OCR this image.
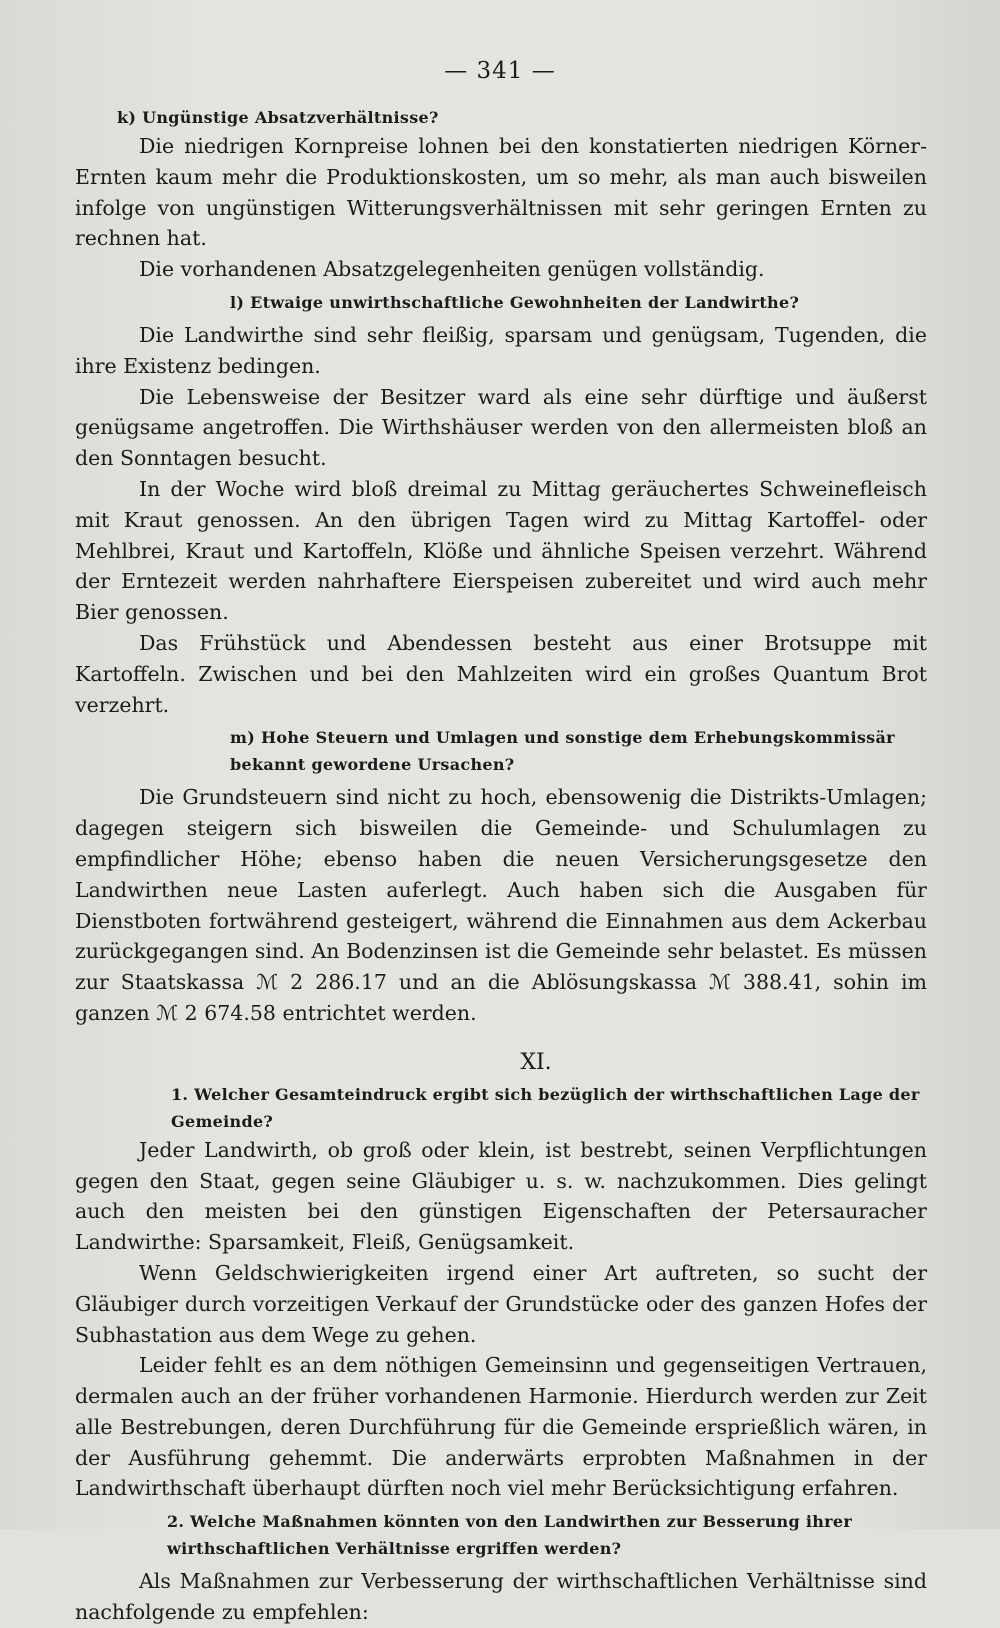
— 341 —
k) Ungünstige Absatzverhältnisse?

Die niedrigen Kornpreise lohnen bei den konstatierten niedrigen Körner-Ernten kaum mehr die Produktionskosten, um so mehr, als man auch bisweilen infolge von ungünstigen Witterungsverhältnissen mit sehr geringen Ernten zu rechnen hat.

Die vorhandenen Absatzgelegenheiten genügen vollständig.

l) Etwaige unwirthschaftliche Gewohnheiten der Landwirthe?

Die Landwirthe sind sehr fleißig, sparsam und genügsam, Tugenden, die ihre Existenz bedingen.

Die Lebensweise der Besitzer ward als eine sehr dürftige und äußerst genügsame angetroffen. Die Wirthshäuser werden von den allermeisten bloß an den Sonntagen besucht.

In der Woche wird bloß dreimal zu Mittag geräuchertes Schweinefleisch mit Kraut genossen. An den übrigen Tagen wird zu Mittag Kartoffel- oder Mehlbrei, Kraut und Kartoffeln, Klöße und ähnliche Speisen verzehrt. Während der Erntezeit werden nahrhaftere Eierspeisen zubereitet und wird auch mehr Bier genossen.

Das Frühstück und Abendessen besteht aus einer Brotsuppe mit Kartoffeln. Zwischen und bei den Mahlzeiten wird ein großes Quantum Brot verzehrt.

m) Hohe Steuern und Umlagen und sonstige dem Erhebungskommissär bekannt gewordene Ursachen?

Die Grundsteuern sind nicht zu hoch, ebensowenig die Distrikts-Umlagen; dagegen steigern sich bisweilen die Gemeinde- und Schulumlagen zu empfindlicher Höhe; ebenso haben die neuen Versicherungsgesetze den Landwirthen neue Lasten auferlegt. Auch haben sich die Ausgaben für Dienstboten fortwährend gesteigert, während die Einnahmen aus dem Ackerbau zurückgegangen sind. An Bodenzinsen ist die Gemeinde sehr belastet. Es müssen zur Staatskassa ℳ 2 286.17 und an die Ablösungskassa ℳ 388.41, sohin im ganzen ℳ 2 674.58 entrichtet werden.

XI.
1. Welcher Gesamteindruck ergibt sich bezüglich der wirthschaftlichen Lage der Gemeinde?

Jeder Landwirth, ob groß oder klein, ist bestrebt, seinen Verpflichtungen gegen den Staat, gegen seine Gläubiger u. s. w. nachzukommen. Dies gelingt auch den meisten bei den günstigen Eigenschaften der Petersauracher Landwirthe: Sparsamkeit, Fleiß, Genügsamkeit.

Wenn Geldschwierigkeiten irgend einer Art auftreten, so sucht der Gläubiger durch vorzeitigen Verkauf der Grundstücke oder des ganzen Hofes der Subhastation aus dem Wege zu gehen.

Leider fehlt es an dem nöthigen Gemeinsinn und gegenseitigen Vertrauen, dermalen auch an der früher vorhandenen Harmonie. Hierdurch werden zur Zeit alle Bestrebungen, deren Durchführung für die Gemeinde ersprießlich wären, in der Ausführung gehemmt. Die anderwärts erprobten Maßnahmen in der Landwirthschaft überhaupt dürften noch viel mehr Berücksichtigung erfahren.

2. Welche Maßnahmen könnten von den Landwirthen zur Besserung ihrer wirthschaftlichen Verhältnisse ergriffen werden?

Als Maßnahmen zur Verbesserung der wirthschaftlichen Verhältnisse sind nachfolgende zu empfehlen:
